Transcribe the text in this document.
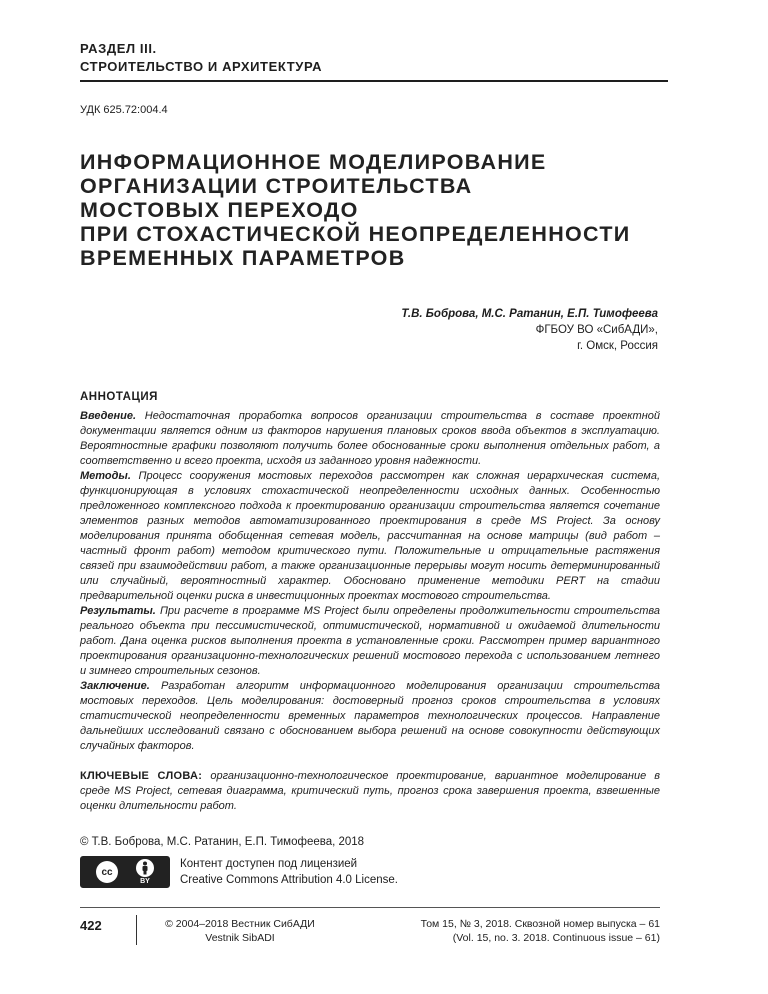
РАЗДЕЛ III.
СТРОИТЕЛЬСТВО И АРХИТЕКТУРА
УДК 625.72:004.4
ИНФОРМАЦИОННОЕ МОДЕЛИРОВАНИЕ
ОРГАНИЗАЦИИ СТРОИТЕЛЬСТВА
МОСТОВЫХ ПЕРЕХОДО
ПРИ СТОХАСТИЧЕСКОЙ НЕОПРЕДЕЛЕННОСТИ
ВРЕМЕННЫХ ПАРАМЕТРОВ
Т.В. Боброва, М.С. Ратанин, Е.П. Тимофеева
ФГБОУ ВО «СибАДИ»,
г. Омск, Россия
АННОТАЦИЯ

Введение. Недостаточная проработка вопросов организации строительства в составе проектной документации является одним из факторов нарушения плановых сроков ввода объектов в эксплуатацию. Вероятностные графики позволяют получить более обоснованные сроки выполнения отдельных работ, а соответственно и всего проекта, исходя из заданного уровня надежности.

Методы. Процесс сооружения мостовых переходов рассмотрен как сложная иерархическая система, функционирующая в условиях стохастической неопределенности исходных данных. Особенностью предложенного комплексного подхода к проектированию организации строительства является сочетание элементов разных методов автоматизированного проектирования в среде MS Project. За основу моделирования принята обобщенная сетевая модель, рассчитанная на основе матрицы (вид работ – частный фронт работ) методом критического пути. Положительные и отрицательные растяжения связей при взаимодействии работ, а также организационные перерывы могут носить детерминированный или случайный, вероятностный характер. Обосновано применение методики PERT на стадии предварительной оценки риска в инвестиционных проектах мостового строительства.

Результаты. При расчете в программе MS Project были определены продолжительности строительства реального объекта при пессимистической, оптимистической, нормативной и ожидаемой длительности работ. Дана оценка рисков выполнения проекта в установленные сроки. Рассмотрен пример вариантного проектирования организационно-технологических решений мостового перехода с использованием летнего и зимнего строительных сезонов.

Заключение. Разработан алгоритм информационного моделирования организации строительства мостовых переходов. Цель моделирования: достоверный прогноз сроков строительства в условиях статистической неопределенности временных параметров технологических процессов. Направление дальнейших исследований связано с обоснованием выбора решений на основе совокупности действующих случайных факторов.

КЛЮЧЕВЫЕ СЛОВА: организационно-технологическое проектирование, вариантное моделирование в среде MS Project, сетевая диаграмма, критический путь, прогноз срока завершения проекта, взвешенные оценки длительности работ.
© Т.В. Боброва, М.С. Ратанин, Е.П. Тимофеева, 2018
cc
BY
Контент доступен под лицензией
Creative Commons Attribution 4.0 License.
422	© 2004–2018 Вестник СибАДИ
Vestnik SibADI
Том 15, № 3, 2018. Сквозной номер выпуска – 61
(Vol. 15, no. 3. 2018. Continuous issue – 61)
